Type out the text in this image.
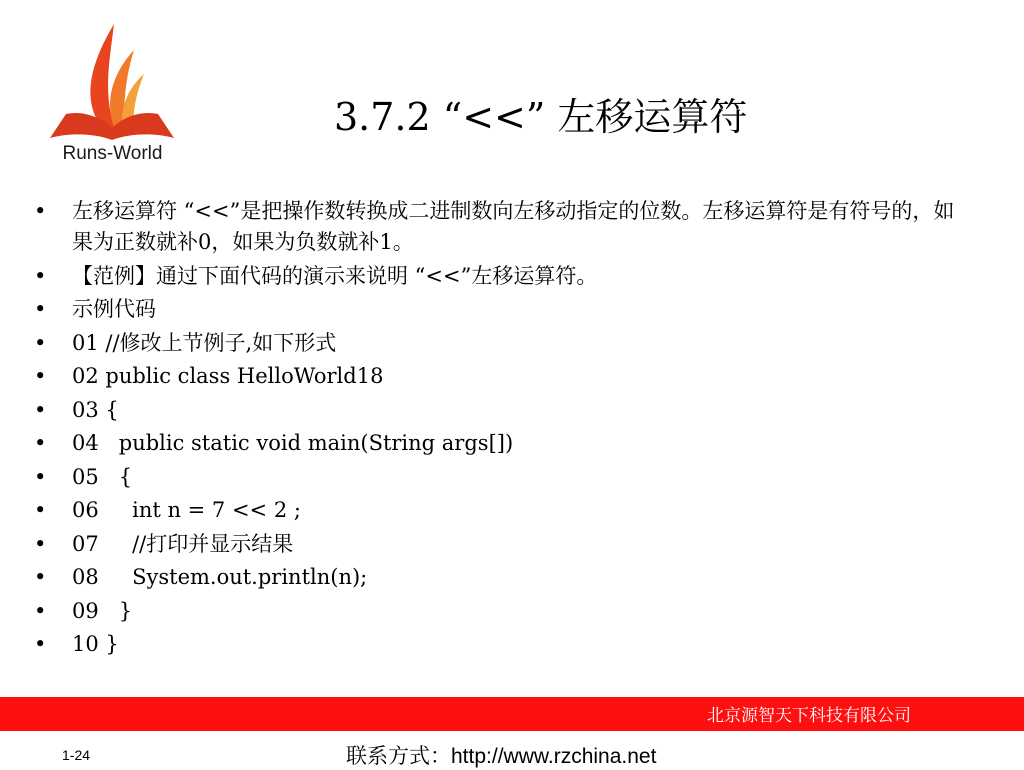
Runs-World
3.7.2 “<<” 左移运算符
• 左移运算符 “<<”是把操作数转换成二进制数向左移动指定的位数。左移运算符是有符号的，如果为正数就补0，如果为负数就补1。
• 【范例】通过下面代码的演示来说明 “<<”左移运算符。
• 示例代码
• 01 //修改上节例子,如下形式
• 02 public class HelloWorld18
• 03 {
• 04   public static void main(String args[])
• 05   {
• 06     int n = 7 << 2 ;
• 07     //打印并显示结果
• 08     System.out.println(n);
• 09   }
• 10 }
北京源智天下科技有限公司
1-24	联系方式：http://www.rzchina.net
